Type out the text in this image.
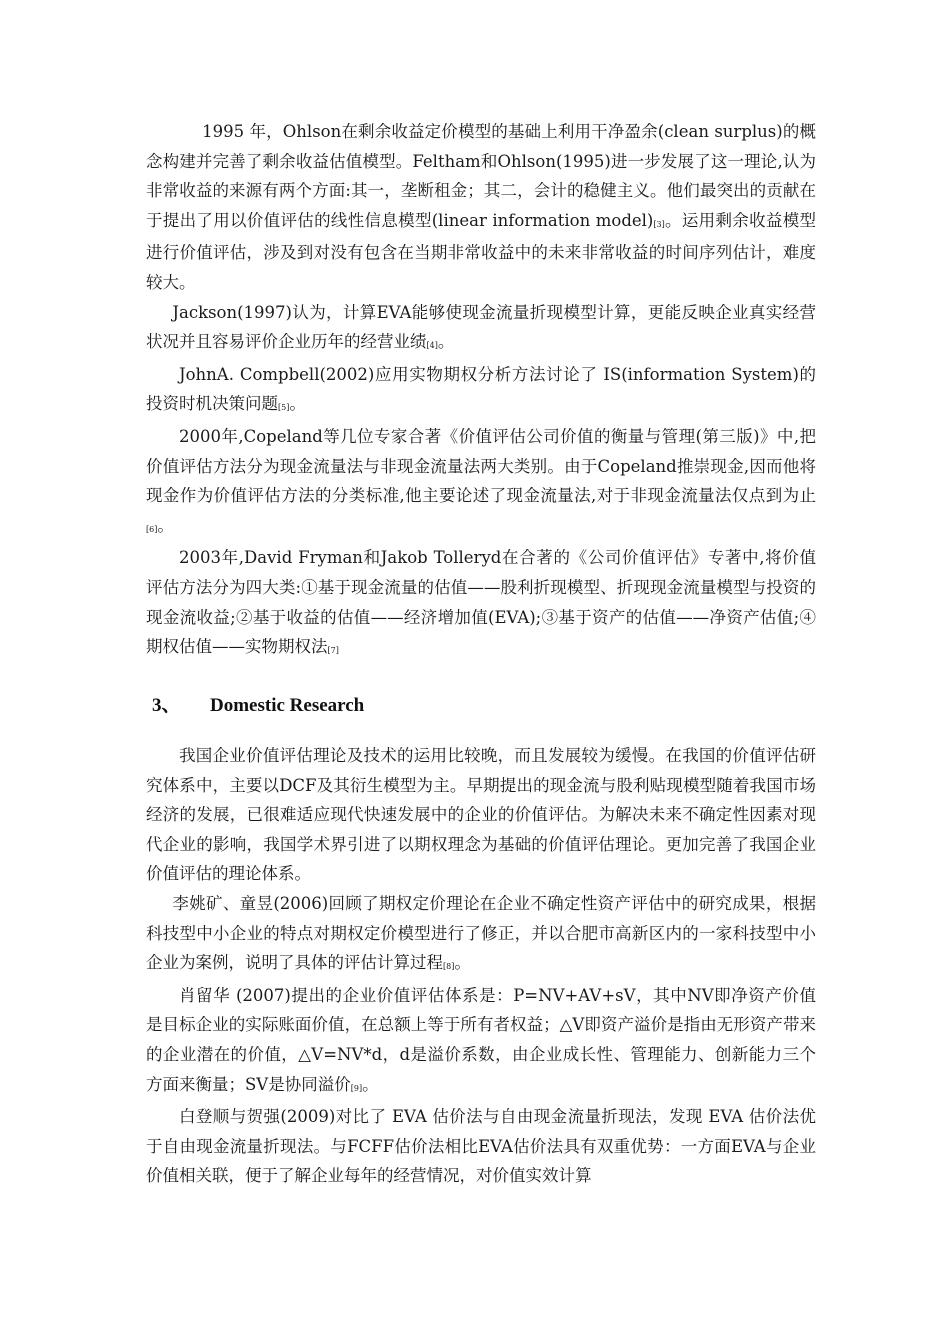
1995 年，Ohlson在剩余收益定价模型的基础上利用干净盈余(clean surplus)的概念构建并完善了剩余收益估值模型。Feltham和Ohlson(1995)进一步发展了这一理论,认为非常收益的来源有两个方面:其一，垄断租金；其二，会计的稳健主义。他们最突出的贡献在于提出了用以价值评估的线性信息模型(linear information model)[3]。运用剩余收益模型进行价值评估，涉及到对没有包含在当期非常收益中的未来非常收益的时间序列估计，难度较大。

Jackson(1997)认为，计算EVA能够使现金流量折现模型计算，更能反映企业真实经营状况并且容易评价企业历年的经营业绩[4]。

JohnA. Compbell(2002)应用实物期权分析方法讨论了 IS(information System)的投资时机决策问题[5]。

2000年,Copeland等几位专家合著《价值评估公司价值的衡量与管理(第三版)》中,把价值评估方法分为现金流量法与非现金流量法两大类别。由于Copeland推崇现金,因而他将现金作为价值评估方法的分类标准,他主要论述了现金流量法,对于非现金流量法仅点到为止[6]。

2003年,David Fryman和Jakob Tolleryd在合著的《公司价值评估》专著中,将价值评估方法分为四大类:①基于现金流量的估值——股利折现模型、折现现金流量模型与投资的现金流收益;②基于收益的估值——经济增加值(EVA);③基于资产的估值——净资产估值;④期权估值——实物期权法[7]

3、 Domestic Research

我国企业价值评估理论及技术的运用比较晚，而且发展较为缓慢。在我国的价值评估研究体系中，主要以DCF及其衍生模型为主。早期提出的现金流与股利贴现模型随着我国市场经济的发展，已很难适应现代快速发展中的企业的价值评估。为解决未来不确定性因素对现代企业的影响，我国学术界引进了以期权理念为基础的价值评估理论。更加完善了我国企业价值评估的理论体系。

李姚矿、童昱(2006)回顾了期权定价理论在企业不确定性资产评估中的研究成果，根据科技型中小企业的特点对期权定价模型进行了修正，并以合肥市高新区内的一家科技型中小企业为案例，说明了具体的评估计算过程[8]。

肖留华 (2007)提出的企业价值评估体系是：P=NV+AV+sV，其中NV即净资产价值是目标企业的实际账面价值，在总额上等于所有者权益；△V即资产溢价是指由无形资产带来的企业潜在的价值，△V=NV*d，d是溢价系数，由企业成长性、管理能力、创新能力三个方面来衡量；SV是协同溢价[9]。

白登顺与贺强(2009)对比了 EVA 估价法与自由现金流量折现法，发现 EVA 估价法优于自由现金流量折现法。与FCFF估价法相比EVA估价法具有双重优势：一方面EVA与企业价值相关联，便于了解企业每年的经营情况，对价值实效计算
